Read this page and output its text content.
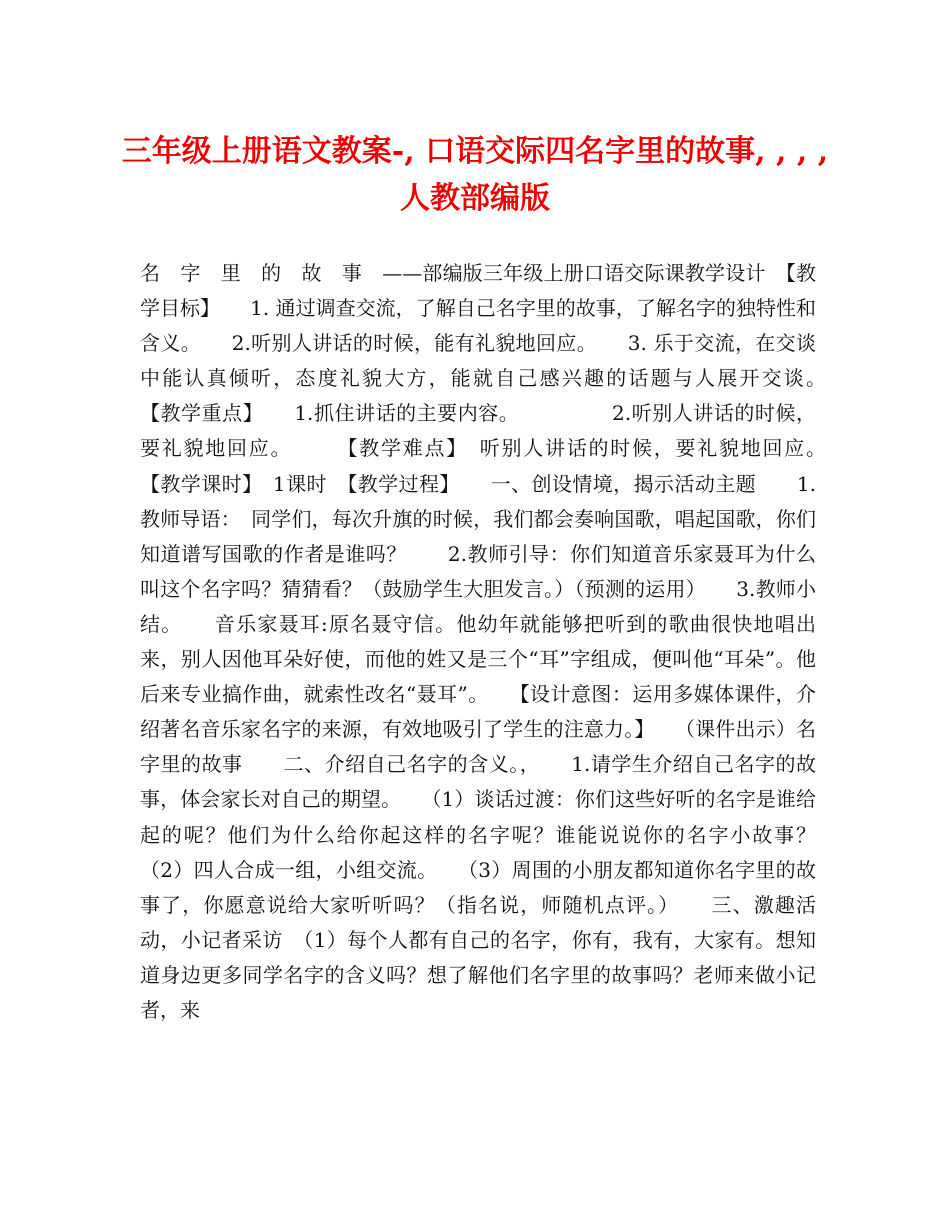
三年级上册语文教案-, 口语交际四名字里的故事, , , , 人教部编版
名　字　里　的　故　事　——部编版三年级上册口语交际课教学设计　【教学目标】　　1. 通过调查交流，了解自己名字里的故事，了解名字的独特性和含义。　　2.听别人讲话的时候，能有礼貌地回应。　　3. 乐于交流，在交谈中能认真倾听，态度礼貌大方，能就自己感兴趣的话题与人展开交谈。　　　　　　【教学重点】　　1.抓住讲话的主要内容。　　　　　2.听别人讲话的时候，要礼貌地回应。　　　【教学难点】　听别人讲话的时候，要礼貌地回应。　　　【教学课时】　1课时　【教学过程】　　一、创设情境，揭示活动主题　　1.教师导语：　同学们，每次升旗的时候，我们都会奏响国歌，唱起国歌，你们知道谱写国歌的作者是谁吗？　　2.教师引导：你们知道音乐家聂耳为什么叫这个名字吗？猜猜看？（鼓励学生大胆发言。）（预测的运用）　　3.教师小结。　　音乐家聂耳:原名聂守信。他幼年就能够把听到的歌曲很快地唱出来，别人因他耳朵好使，而他的姓又是三个“耳”字组成，便叫他“耳朵”。他后来专业搞作曲，就索性改名“聂耳”。　　【设计意图：运用多媒体课件，介绍著名音乐家名字的来源，有效地吸引了学生的注意力。】　　（课件出示）名字里的故事　　二、介绍自己名字的含义。，　　1.请学生介绍自己名字的故事，体会家长对自己的期望。　　（1）谈话过渡：你们这些好听的名字是谁给起的呢？他们为什么给你起这样的名字呢？谁能说说你的名字小故事？　　（2）四人合成一组，小组交流。　　（3）周围的小朋友都知道你名字里的故事了，你愿意说给大家听听吗？（指名说，师随机点评。）　　三、激趣活动，小记者采访　（1）每个人都有自己的名字，你有，我有，大家有。想知道身边更多同学名字的含义吗？想了解他们名字里的故事吗？老师来做小记者，来
